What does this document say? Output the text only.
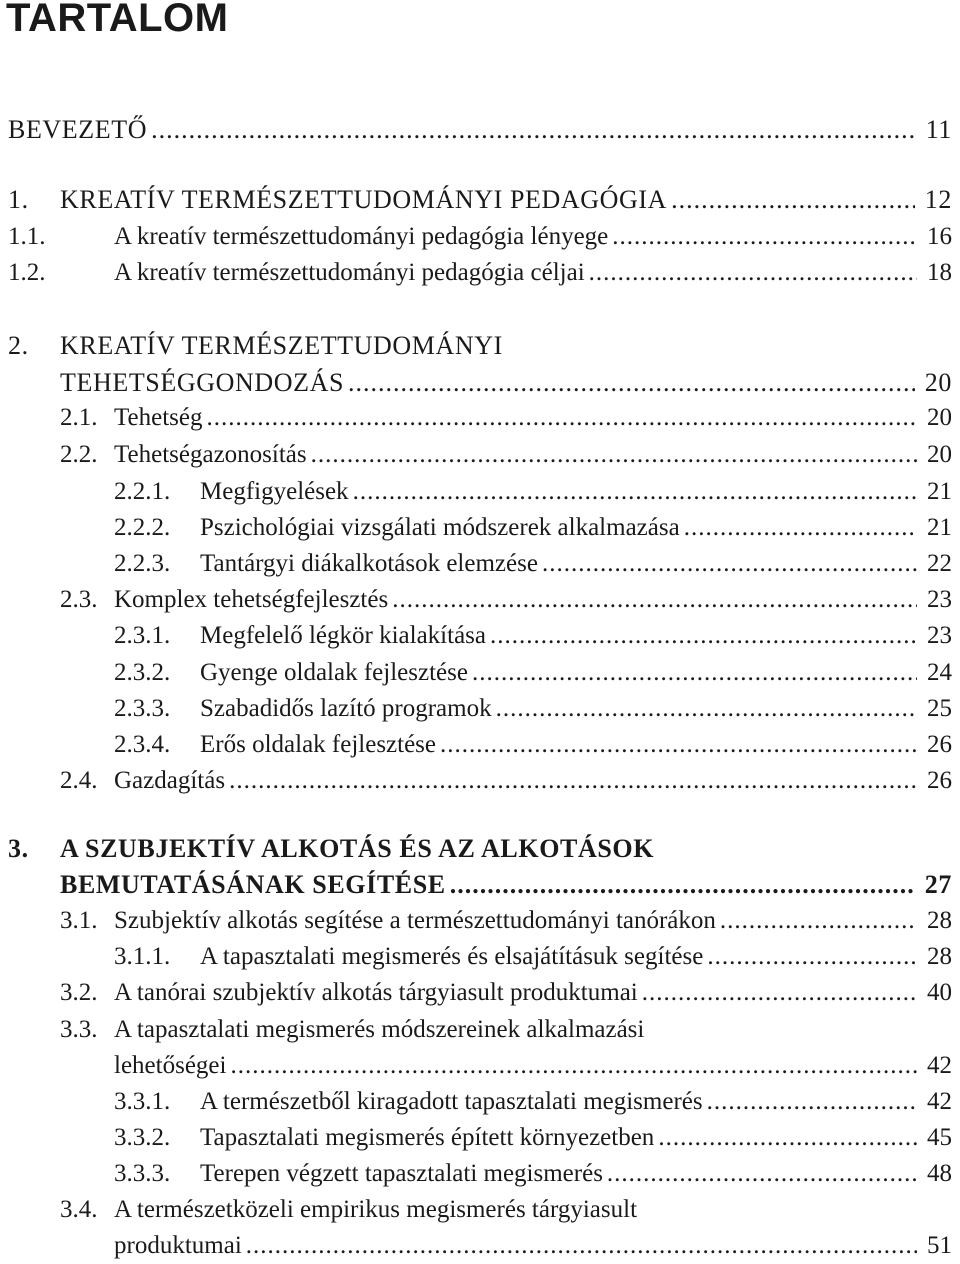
TARTALOM
BEVEZETŐ .....	11
1. KREATÍV TERMÉSZETTUDOMÁNYI PEDAGÓGIA .....	12
1.1.	A kreatív természettudományi pedagógia lényege .....	16
1.2.	A kreatív természettudományi pedagógia céljai .....	18
2. KREATÍV TERMÉSZETTUDOMÁNYI
TEHETSÉGGONDOZÁS .....	20
2.1. Tehetség .....	20
2.2. Tehetségazonosítás .....	20
2.2.1. Megfigyelések .....	21
2.2.2. Pszichológiai vizsgálati módszerek alkalmazása .....	21
2.2.3. Tantárgyi diákalkotások elemzése .....	22
2.3. Komplex tehetségfejlesztés .....	23
2.3.1. Megfelelő légkör kialakítása .....	23
2.3.2. Gyenge oldalak fejlesztése .....	24
2.3.3. Szabadidős lazító programok .....	25
2.3.4. Erős oldalak fejlesztése .....	26
2.4. Gazdagítás .....	26
3. A SZUBJEKTÍV ALKOTÁS ÉS AZ ALKOTÁSOK
BEMUTATÁSÁNAK SEGÍTÉSE .....	27
3.1. Szubjektív alkotás segítése a természettudományi tanórákon .....	28
3.1.1. A tapasztalati megismerés és elsajátításuk segítése .....	28
3.2. A tanórai szubjektív alkotás tárgyiasult produktumai .....	40
3.3. A tapasztalati megismerés módszereinek alkalmazási
lehetőségei .....	42
3.3.1. A természetből kiragadott tapasztalati megismerés .....	42
3.3.2. Tapasztalati megismerés épített környezetben .....	45
3.3.3. Terepen végzett tapasztalati megismerés .....	48
3.4. A természetközeli empirikus megismerés tárgyiasult
produktumai .....	51
